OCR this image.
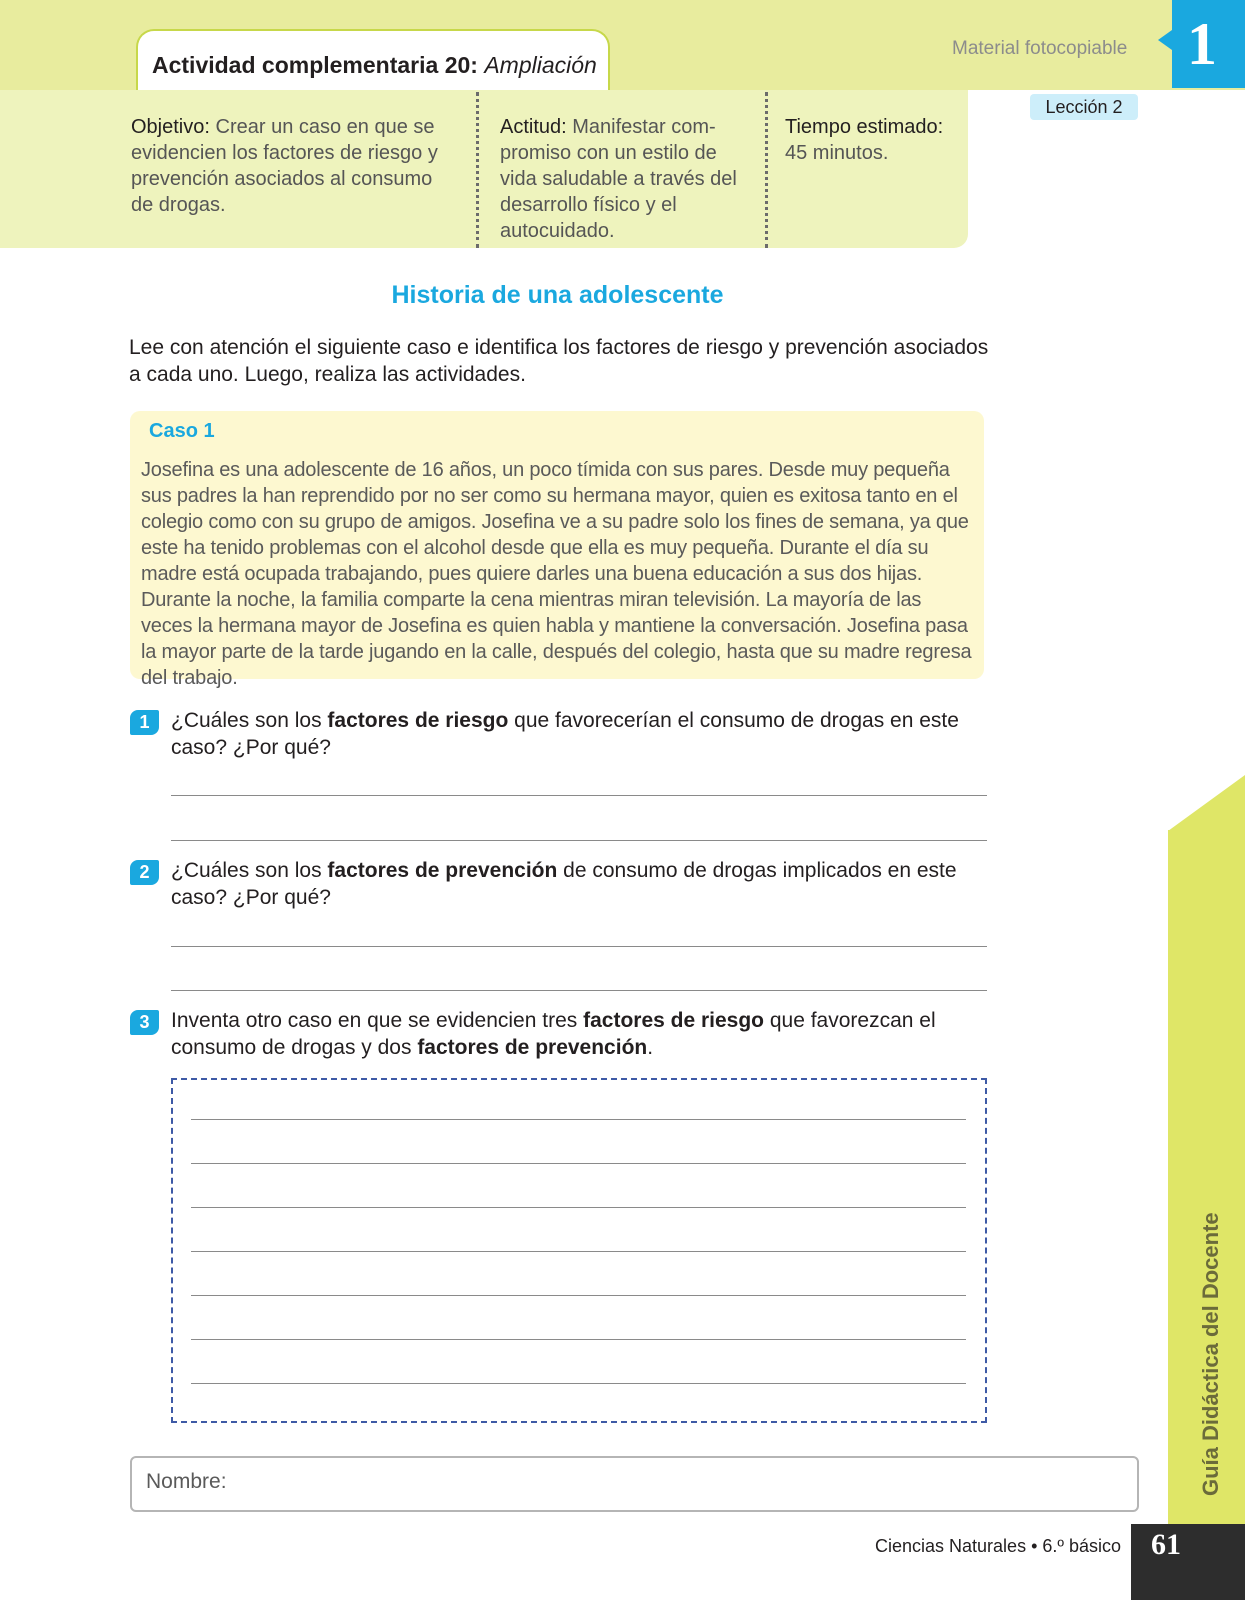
Actividad complementaria 20: Ampliación
Material fotocopiable 1
Lección 2
Objetivo: Crear un caso en que se evidencien los factores de riesgo y prevención asociados al consumo de drogas.
Actitud: Manifestar compromiso con un estilo de vida saludable a través del desarrollo físico y el autocuidado.
Tiempo estimado:
45 minutos.
Historia de una adolescente
Lee con atención el siguiente caso e identifica los factores de riesgo y prevención asociados a cada uno. Luego, realiza las actividades.
Caso 1
Josefina es una adolescente de 16 años, un poco tímida con sus pares. Desde muy pequeña sus padres la han reprendido por no ser como su hermana mayor, quien es exitosa tanto en el colegio como con su grupo de amigos. Josefina ve a su padre solo los fines de semana, ya que este ha tenido problemas con el alcohol desde que ella es muy pequeña. Durante el día su madre está ocupada trabajando, pues quiere darles una buena educación a sus dos hijas. Durante la noche, la familia comparte la cena mientras miran televisión. La mayoría de las veces la hermana mayor de Josefina es quien habla y mantiene la conversación. Josefina pasa la mayor parte de la tarde jugando en la calle, después del colegio, hasta que su madre regresa del trabajo.
1	¿Cuáles son los factores de riesgo que favorecerían el consumo de drogas en este caso? ¿Por qué?
2	¿Cuáles son los factores de prevención de consumo de drogas implicados en este caso? ¿Por qué?
3	Inventa otro caso en que se evidencien tres factores de riesgo que favorezcan el consumo de drogas y dos factores de prevención.
Nombre:	Guía Didáctica del Docente
Ciencias Naturales • 6.º básico	61
